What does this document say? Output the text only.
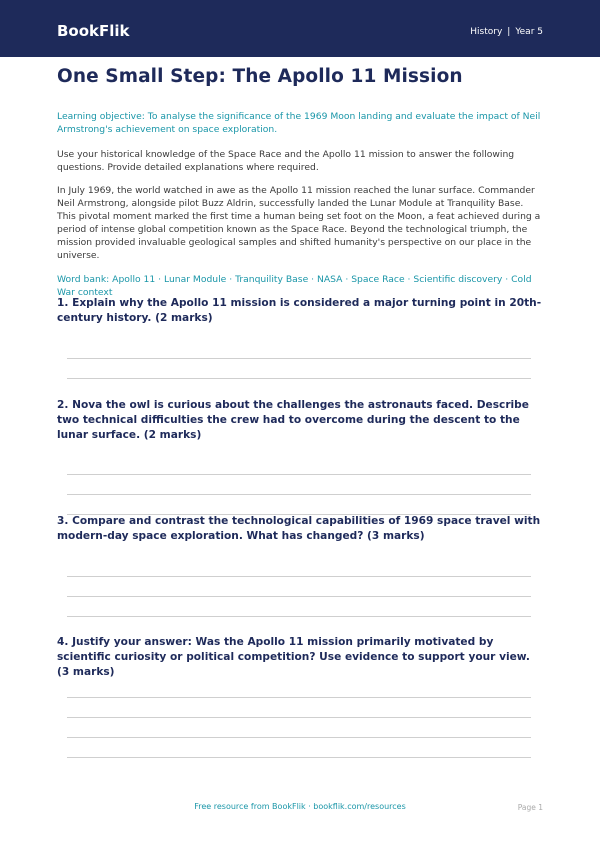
BookFlik	History | Year 5
One Small Step: The Apollo 11 Mission
Learning objective: To analyse the significance of the 1969 Moon landing and evaluate the impact of Neil Armstrong's achievement on space exploration.
Use your historical knowledge of the Space Race and the Apollo 11 mission to answer the following questions. Provide detailed explanations where required.
In July 1969, the world watched in awe as the Apollo 11 mission reached the lunar surface. Commander Neil Armstrong, alongside pilot Buzz Aldrin, successfully landed the Lunar Module at Tranquility Base. This pivotal moment marked the first time a human being set foot on the Moon, a feat achieved during a period of intense global competition known as the Space Race. Beyond the technological triumph, the mission provided invaluable geological samples and shifted humanity's perspective on our place in the universe.
Word bank: Apollo 11 · Lunar Module · Tranquility Base · NASA · Space Race · Scientific discovery · Cold War context
1. Explain why the Apollo 11 mission is considered a major turning point in 20th-century history. (2 marks)
2. Nova the owl is curious about the challenges the astronauts faced. Describe two technical difficulties the crew had to overcome during the descent to the lunar surface. (2 marks)
3. Compare and contrast the technological capabilities of 1969 space travel with modern-day space exploration. What has changed? (3 marks)
4. Justify your answer: Was the Apollo 11 mission primarily motivated by scientific curiosity or political competition? Use evidence to support your view. (3 marks)
Free resource from BookFlik · bookflik.com/resources	Page 1
